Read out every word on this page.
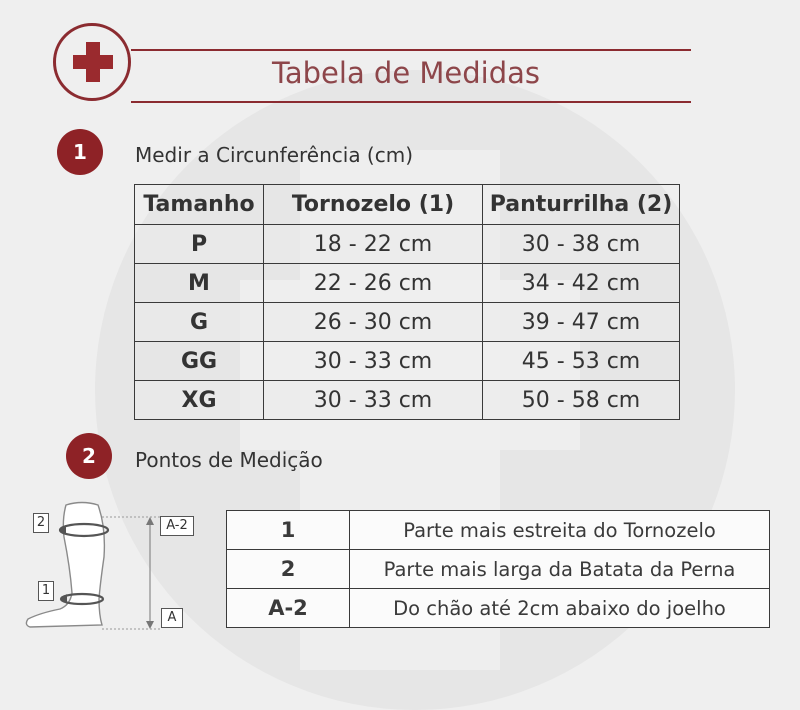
Tabela de Medidas
1	Medir a Circunferência (cm)
Tamanho	Tornozelo (1)	Panturrilha (2)
P	18 - 22 cm	30 - 38 cm
M	22 - 26 cm	34 - 42 cm
G	26 - 30 cm	39 - 47 cm
GG	30 - 33 cm	45 - 53 cm
XG	30 - 33 cm	50 - 58 cm
2	Pontos de Medição
2
1
A-2
A
1	Parte mais estreita do Tornozelo
2	Parte mais larga da Batata da Perna
A-2	Do chão até 2cm abaixo do joelho
